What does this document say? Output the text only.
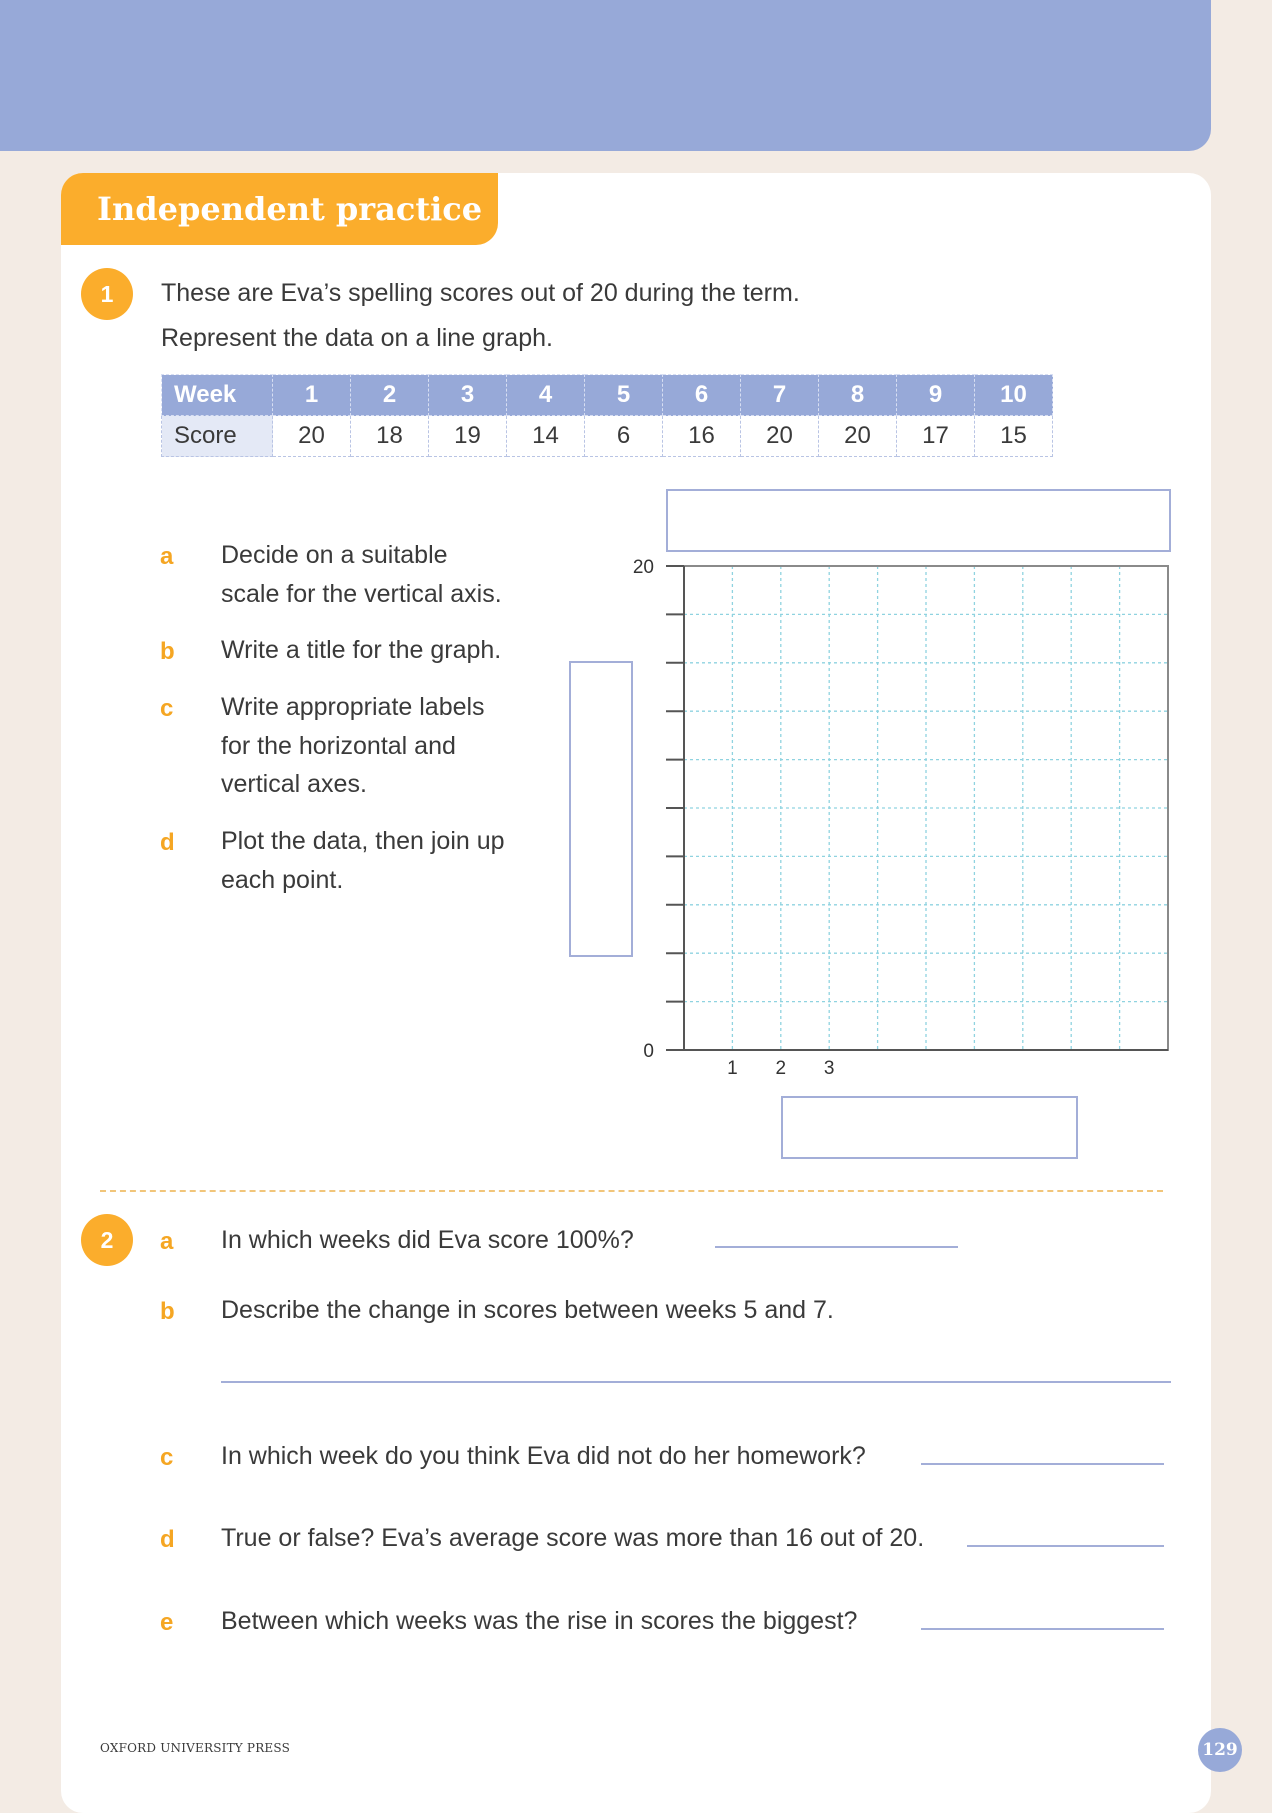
Independent practice
1	These are Eva’s spelling scores out of 20 during the term.
Represent the data on a line graph.
Week	1	2	3	4	5	6	7	8	9	10
Score	20	18	19	14	6	16	20	20	17	15
a Decide on a suitable
scale for the vertical axis.
b Write a title for the graph.
c Write appropriate labels
for the horizontal and
vertical axes.
d Plot the data, then join up
each point.
20
0
1 2 3
2	a In which weeks did Eva score 100%?
b Describe the change in scores between weeks 5 and 7.
c In which week do you think Eva did not do her homework?
d True or false? Eva’s average score was more than 16 out of 20.
e Between which weeks was the rise in scores the biggest?
OXFORD UNIVERSITY PRESS	129
